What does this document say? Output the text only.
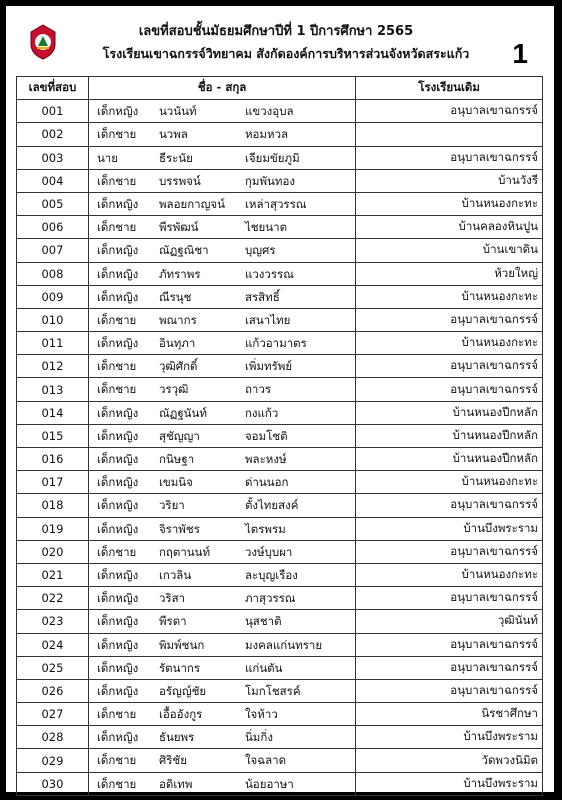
เลขที่สอบชั้นมัธยมศึกษาปีที่ 1 ปีการศึกษา 2565
โรงเรียนเขาฉกรรจ์วิทยาคม สังกัดองค์การบริหารส่วนจังหวัดสระแก้ว	1
เลขที่สอบ	ชื่อ - สกุล	โรงเรียนเดิม
001	เด็กหญิง นวนันท์ แขวงอุบล	อนุบาลเขาฉกรรจ์
002	เด็กชาย นวพล หอมหวล	

003	นาย ธีระนัย เจียมขัยภูมิ	อนุบาลเขาฉกรรจ์
004	เด็กชาย บรรพจน์ กุมพันทอง	บ้านวังรี
005	เด็กหญิง พลอยกาญจน์ เหล่าสุวรรณ	บ้านหนองกะทะ
006	เด็กชาย พีรพัฒน์ ไชยนาต	บ้านคลองหินปูน
007	เด็กหญิง ณัฏฐณิชา บุญศร	บ้านเขาดิน
008	เด็กหญิง ภัทราพร แวงวรรณ	ห้วยใหญ่
009	เด็กหญิง ณีรนุช สรสิทธิ์	บ้านหนองกะทะ
010	เด็กชาย พณากร เสนาไทย	อนุบาลเขาฉกรรจ์
011	เด็กหญิง อินทุภา แก้วอามาตร	บ้านหนองกะทะ
012	เด็กชาย วุฒิศักดิ์ เพิ่มทรัพย์	อนุบาลเขาฉกรรจ์
013	เด็กชาย วรวุฒิ ถาวร	อนุบาลเขาฉกรรจ์
014	เด็กหญิง ณัฏฐนันท์ กงแก้ว	บ้านหนองปีกหลัก
015	เด็กหญิง สุชัญญา จอมโชติ	บ้านหนองปีกหลัก
016	เด็กหญิง กนิษฐา พละหงษ์	บ้านหนองปีกหลัก
017	เด็กหญิง เขมนิจ ด่านนอก	บ้านหนองกะทะ
018	เด็กหญิง วริยา ตั้งไทยสงค์	อนุบาลเขาฉกรรจ์
019	เด็กหญิง จิราพัชร ไตรพรม	บ้านบึงพระราม
020	เด็กชาย กฤตานนท์ วงษ์บุบผา	อนุบาลเขาฉกรรจ์
021	เด็กหญิง เกวลิน ละบุญเรือง	บ้านหนองกะทะ
022	เด็กหญิง วริสา ภาสุวรรณ	อนุบาลเขาฉกรรจ์
023	เด็กหญิง พีรดา นุสชาติ	วุฒินันท์
024	เด็กหญิง พิมพ์ชนก มงคลแก่นทราย	อนุบาลเขาฉกรรจ์
025	เด็กหญิง รัตนากร แก่นตัน	อนุบาลเขาฉกรรจ์
026	เด็กหญิง อรัญญ์ชัย โมกโชสรค์	อนุบาลเขาฉกรรจ์
027	เด็กชาย เอื้ออังกูร ใจห้าว	นิรชาศึกษา
028	เด็กหญิง ธันยพร นิ่มกิ่ง	บ้านบึงพระราม
029	เด็กชาย ศิริชัย ใจฉลาด	วัดพวงนิมิต
030	เด็กชาย อดิเทพ น้อยอาษา	บ้านบึงพระราม
